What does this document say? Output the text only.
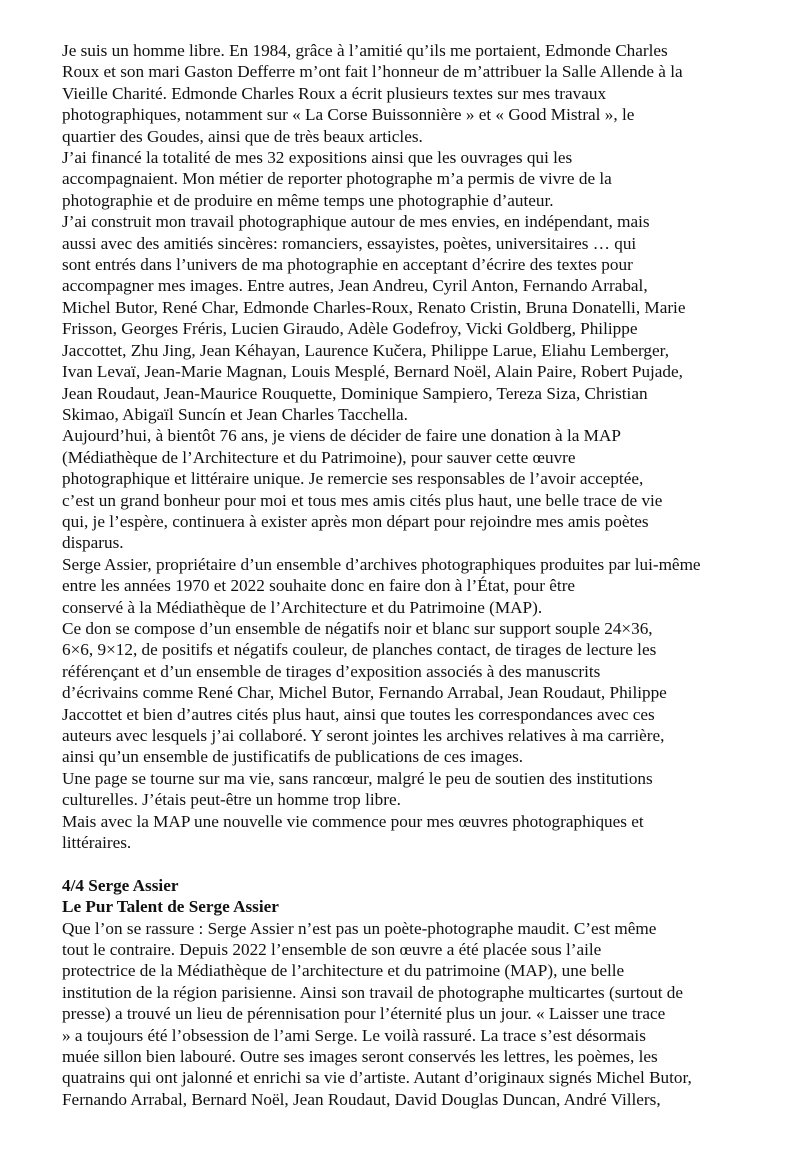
Je suis un homme libre. En 1984, grâce à l’amitié qu’ils me portaient, Edmonde Charles
Roux et son mari Gaston Defferre m’ont fait l’honneur de m’attribuer la Salle Allende à la
Vieille Charité. Edmonde Charles Roux a écrit plusieurs textes sur mes travaux
photographiques, notamment sur « La Corse Buissonnière » et « Good Mistral », le
quartier des Goudes, ainsi que de très beaux articles.
J’ai financé la totalité de mes 32 expositions ainsi que les ouvrages qui les
accompagnaient. Mon métier de reporter photographe m’a permis de vivre de la
photographie et de produire en même temps une photographie d’auteur.
J’ai construit mon travail photographique autour de mes envies, en indépendant, mais
aussi avec des amitiés sincères: romanciers, essayistes, poètes, universitaires … qui
sont entrés dans l’univers de ma photographie en acceptant d’écrire des textes pour
accompagner mes images. Entre autres, Jean Andreu, Cyril Anton, Fernando Arrabal,
Michel Butor, René Char, Edmonde Charles-Roux, Renato Cristin, Bruna Donatelli, Marie
Frisson, Georges Fréris, Lucien Giraudo, Adèle Godefroy, Vicki Goldberg, Philippe
Jaccottet, Zhu Jing, Jean Kéhayan, Laurence Kučera, Philippe Larue, Eliahu Lemberger,
Ivan Levaï, Jean-Marie Magnan, Louis Mesplé, Bernard Noël, Alain Paire, Robert Pujade,
Jean Roudaut, Jean-Maurice Rouquette, Dominique Sampiero, Tereza Siza, Christian
Skimao, Abigaïl Suncín et Jean Charles Tacchella.
Aujourd’hui, à bientôt 76 ans, je viens de décider de faire une donation à la MAP
(Médiathèque de l’Architecture et du Patrimoine), pour sauver cette œuvre
photographique et littéraire unique. Je remercie ses responsables de l’avoir acceptée,
c’est un grand bonheur pour moi et tous mes amis cités plus haut, une belle trace de vie
qui, je l’espère, continuera à exister après mon départ pour rejoindre mes amis poètes
disparus.
Serge Assier, propriétaire d’un ensemble d’archives photographiques produites par lui-même
entre les années 1970 et 2022 souhaite donc en faire don à l’État, pour être
conservé à la Médiathèque de l’Architecture et du Patrimoine (MAP).
Ce don se compose d’un ensemble de négatifs noir et blanc sur support souple 24×36,
6×6, 9×12, de positifs et négatifs couleur, de planches contact, de tirages de lecture les
référençant et d’un ensemble de tirages d’exposition associés à des manuscrits
d’écrivains comme René Char, Michel Butor, Fernando Arrabal, Jean Roudaut, Philippe
Jaccottet et bien d’autres cités plus haut, ainsi que toutes les correspondances avec ces
auteurs avec lesquels j’ai collaboré. Y seront jointes les archives relatives à ma carrière,
ainsi qu’un ensemble de justificatifs de publications de ces images.
Une page se tourne sur ma vie, sans rancœur, malgré le peu de soutien des institutions
culturelles. J’étais peut-être un homme trop libre.
Mais avec la MAP une nouvelle vie commence pour mes œuvres photographiques et
littéraires.
4/4 Serge Assier
Le Pur Talent de Serge Assier
Que l’on se rassure : Serge Assier n’est pas un poète-photographe maudit. C’est même
tout le contraire. Depuis 2022 l’ensemble de son œuvre a été placée sous l’aile
protectrice de la Médiathèque de l’architecture et du patrimoine (MAP), une belle
institution de la région parisienne. Ainsi son travail de photographe multicartes (surtout de
presse) a trouvé un lieu de pérennisation pour l’éternité plus un jour. « Laisser une trace
» a toujours été l’obsession de l’ami Serge. Le voilà rassuré. La trace s’est désormais
muée sillon bien labouré. Outre ses images seront conservés les lettres, les poèmes, les
quatrains qui ont jalonné et enrichi sa vie d’artiste. Autant d’originaux signés Michel Butor,
Fernando Arrabal, Bernard Noël, Jean Roudaut, David Douglas Duncan, André Villers,
